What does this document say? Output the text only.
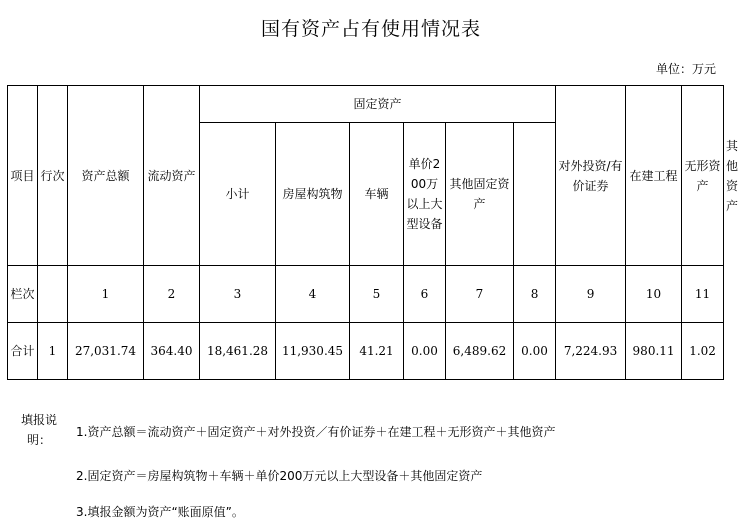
国有资产占有使用情况表
单位：万元
项目	行次	资产总额	流动资产	固定资产						对外投资/有价证券	在建工程	无形资产	其他资产
				小计	房屋构筑物	车辆	单价200万以上大型设备	其他固定资产					
栏次		1	2	3	4	5	6	7	8	9	10	11	
合计	1	27,031.74	364.40	18,461.28	11,930.45	41.21	0.00	6,489.62	0.00	7,224.93	980.11	1.02	
填报说明：
1.资产总额＝流动资产＋固定资产＋对外投资／有价证券＋在建工程＋无形资产＋其他资产
2.固定资产＝房屋构筑物＋车辆＋单价200万元以上大型设备＋其他固定资产
3.填报金额为资产“账面原值”。
